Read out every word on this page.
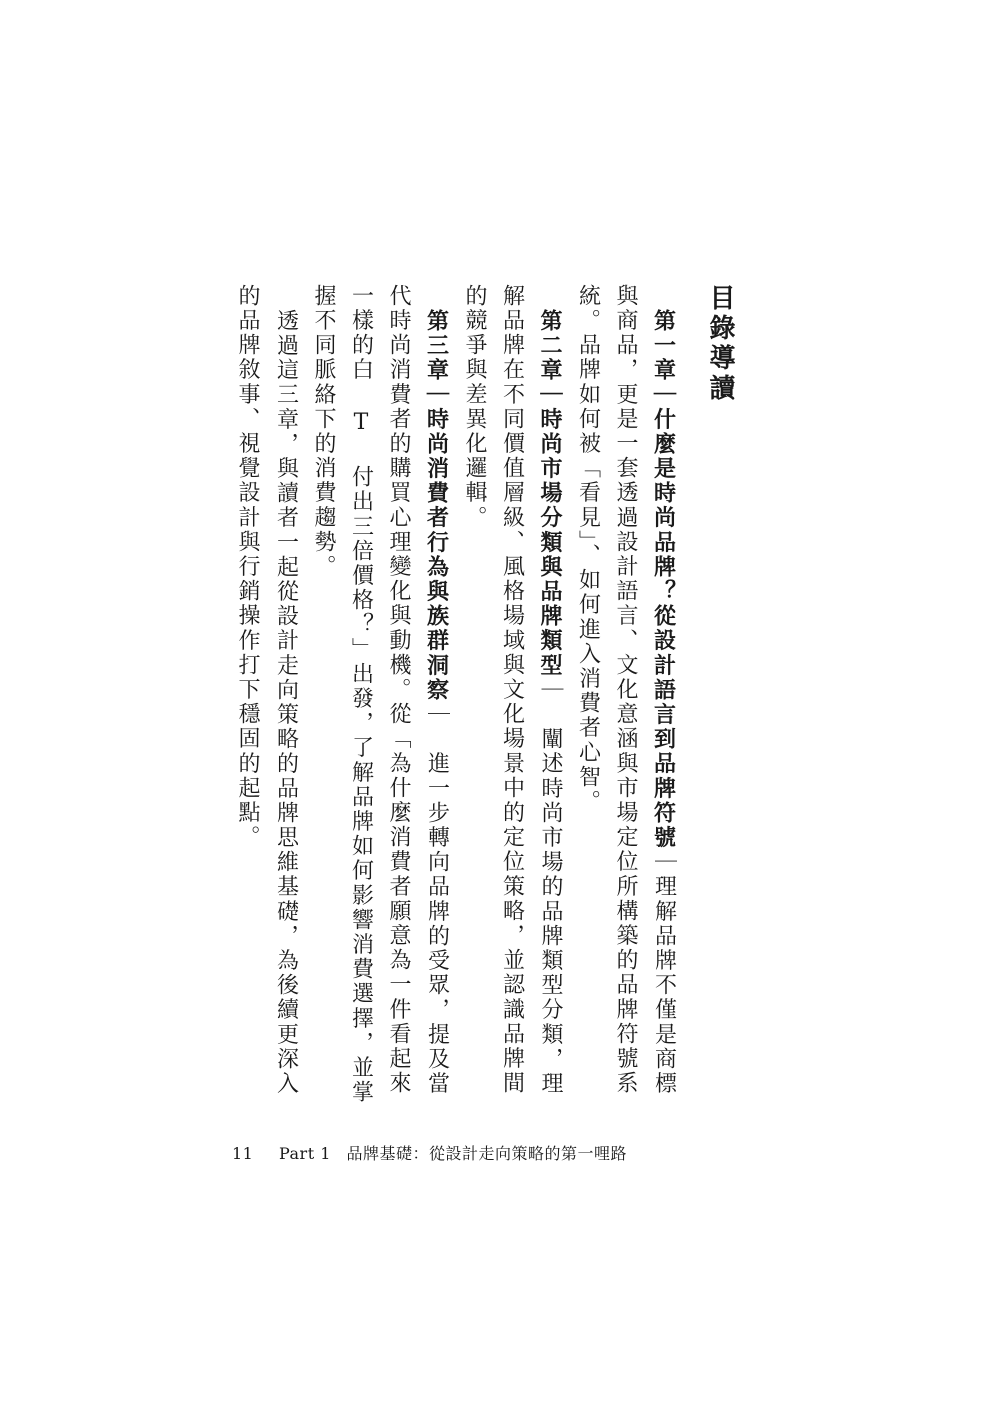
目錄導讀

第一章｜什麼是時尚品牌？從設計語言到品牌符號｜理解品牌不僅是商標與商品，更是一套透過設計語言、文化意涵與市場定位所構築的品牌符號系統。品牌如何被「看見」、如何進入消費者心智。

第二章｜時尚市場分類與品牌類型｜　闡述時尚市場的品牌類型分類，理解品牌在不同價值層級、風格場域與文化場景中的定位策略，並認識品牌間的競爭與差異化邏輯。

第三章｜時尚消費者行為與族群洞察｜　進一步轉向品牌的受眾，提及當代時尚消費者的購買心理變化與動機。從「為什麼消費者願意為一件看起來一樣的白 T 付出三倍價格？」出發，了解品牌如何影響消費選擇，並掌握不同脈絡下的消費趨勢。

透過這三章，與讀者一起從設計走向策略的品牌思維基礎，為後續更深入的品牌敘事、視覺設計與行銷操作打下穩固的起點。

11 Part 1 品牌基礎：從設計走向策略的第一哩路
